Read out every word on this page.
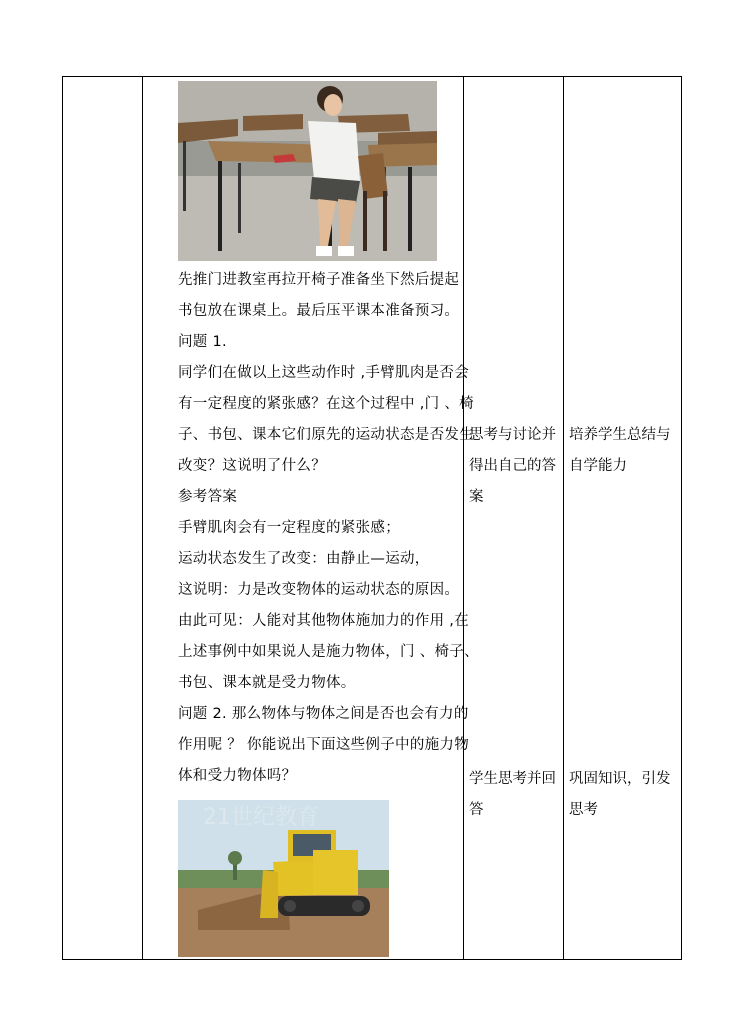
先推门进教室再拉开椅子准备坐下然后提起
书包放在课桌上。最后压平课本准备预习。
问题 1.
同学们在做以上这些动作时 ,手臂肌肉是否会
有一定程度的紧张感？在这个过程中 ,门 、椅
子、书包、课本它们原先的运动状态是否发生
改变？这说明了什么？
参考答案
手臂肌肉会有一定程度的紧张感；
运动状态发生了改变：由静止—运动，
这说明：力是改变物体的运动状态的原因。
由此可见：人能对其他物体施加力的作用 ,在
上述事例中如果说人是施力物体，门 、椅子、
书包、课本就是受力物体。
问题 2. 那么物体与物体之间是否也会有力的
作用呢 ？ 你能说出下面这些例子中的施力物
体和受力物体吗？
21世纪教育
思考与讨论并
得出自己的答
案
培养学生总结与
自学能力
学生思考并回
答
巩固知识，引发
思考
